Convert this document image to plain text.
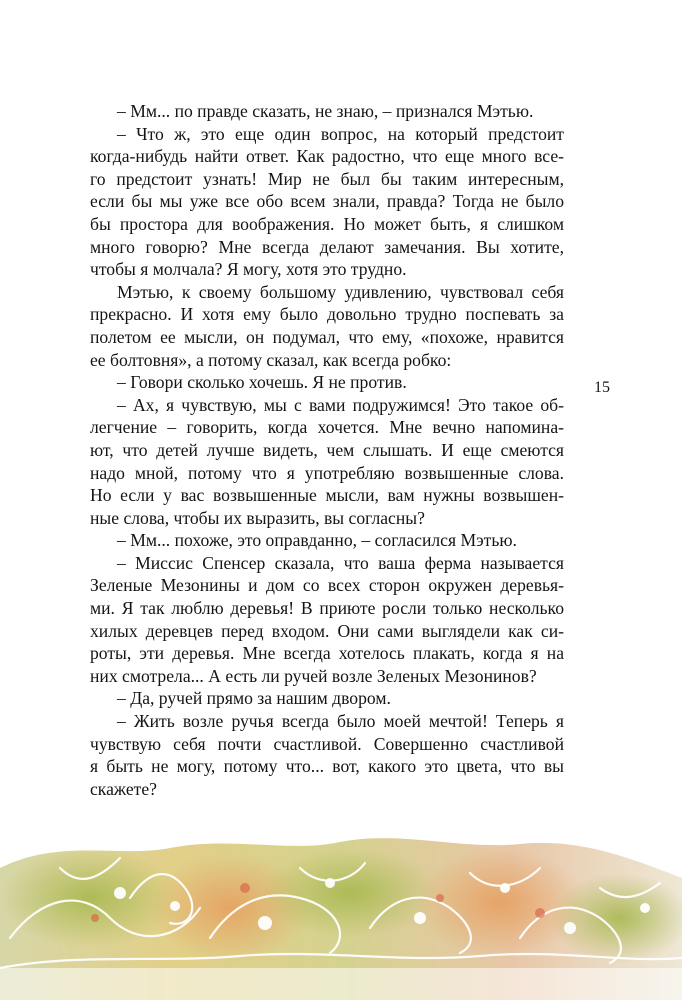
– Мм... по правде сказать, не знаю, – признался Мэтью.
– Что ж, это еще один вопрос, на который предстоит
когда-нибудь найти ответ. Как радостно, что еще много все-
го предстоит узнать! Мир не был бы таким интересным,
если бы мы уже все обо всем знали, правда? Тогда не было
бы простора для воображения. Но может быть, я слишком
много говорю? Мне всегда делают замечания. Вы хотите,
чтобы я молчала? Я могу, хотя это трудно.
Мэтью, к своему большому удивлению, чувствовал себя
прекрасно. И хотя ему было довольно трудно поспевать за
полетом ее мысли, он подумал, что ему, «похоже, нравится
ее болтовня», а потому сказал, как всегда робко:
– Говори сколько хочешь. Я не против.
– Ах, я чувствую, мы с вами подружимся! Это такое об-
легчение – говорить, когда хочется. Мне вечно напомина-
ют, что детей лучше видеть, чем слышать. И еще смеются
надо мной, потому что я употребляю возвышенные слова.
Но если у вас возвышенные мысли, вам нужны возвышен-
ные слова, чтобы их выразить, вы согласны?
– Мм... похоже, это оправданно, – согласился Мэтью.
– Миссис Спенсер сказала, что ваша ферма называется
Зеленые Мезонины и дом со всех сторон окружен деревья-
ми. Я так люблю деревья! В приюте росли только несколько
хилых деревцев перед входом. Они сами выглядели как си-
роты, эти деревья. Мне всегда хотелось плакать, когда я на
них смотрела... А есть ли ручей возле Зеленых Мезонинов?
– Да, ручей прямо за нашим двором.
– Жить возле ручья всегда было моей мечтой! Теперь я
чувствую себя почти счастливой. Совершенно счастливой
я быть не могу, потому что... вот, какого это цвета, что вы
скажете?
15
